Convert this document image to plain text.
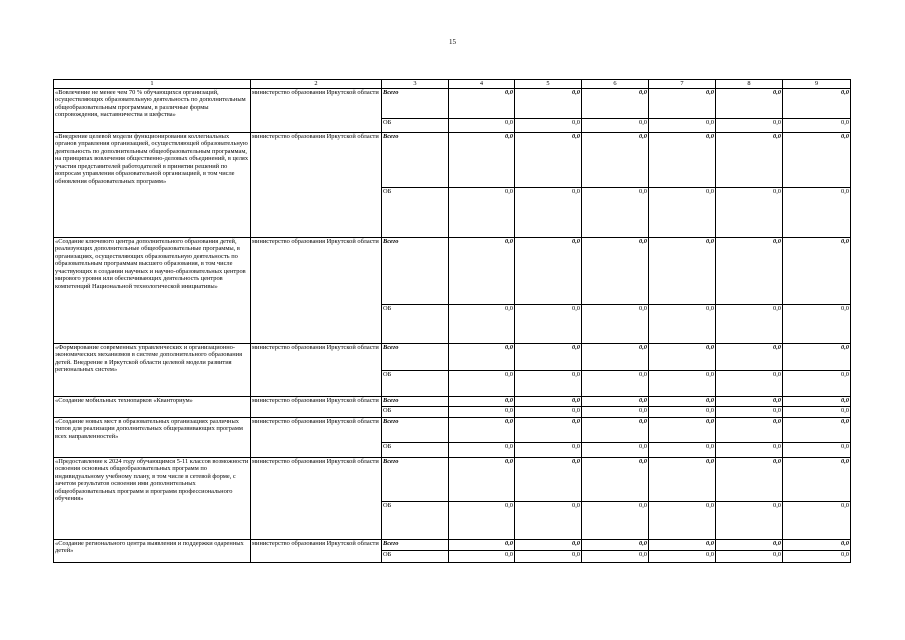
15
1	2	3	4	5	6	7	8	9
«Вовлечение не менее чем 70 % обучающихся организаций, осуществляющих образовательную деятельность по дополнительным общеобразовательным программам, в различные формы сопровождения, наставничества и шефства»	министерство образования Иркутской области	Всего	0,0	0,0	0,0	0,0	0,0	0,0
		ОБ	0,0	0,0	0,0	0,0	0,0	0,0
«Внедрение целевой модели функционирования коллегиальных органов управления организацией, осуществляющей образовательную деятельность по дополнительным общеобразовательным программам, на принципах вовлечения общественно-деловых объединений, в целях участия представителей работодателей в принятии решений по вопросам управления образовательной организацией, в том числе обновления образовательных программ»	министерство образования Иркутской области	Всего	0,0	0,0	0,0	0,0	0,0	0,0
		ОБ	0,0	0,0	0,0	0,0	0,0	0,0
«Создание ключевого центра дополнительного образования детей, реализующих дополнительные общеобразовательные программы, в организациях, осуществляющих образовательную деятельность по образовательным программам высшего образования, в том числе участвующих в создании научных и научно-образовательных центров мирового уровня или обеспечивающих деятельность центров компетенций Национальной технологической инициативы»	министерство образования Иркутской области	Всего	0,0	0,0	0,0	0,0	0,0	0,0
		ОБ	0,0	0,0	0,0	0,0	0,0	0,0
«Формирование современных управленческих и организационно-экономических механизмов в системе дополнительного образования детей. Внедрение в Иркутской области целевой модели развития региональных систем»	министерство образования Иркутской области	Всего	0,0	0,0	0,0	0,0	0,0	0,0
		ОБ	0,0	0,0	0,0	0,0	0,0	0,0
«Создание мобильных технопарков «Кванториум»	министерство образования Иркутской области	Всего	0,0	0,0	0,0	0,0	0,0	0,0
		ОБ	0,0	0,0	0,0	0,0	0,0	0,0
«Создание новых мест в образовательных организациях различных типов для реализации дополнительных общеразвивающих программ всех направленностей»	министерство образования Иркутской области	Всего	0,0	0,0	0,0	0,0	0,0	0,0
		ОБ	0,0	0,0	0,0	0,0	0,0	0,0
«Предоставление к 2024 году обучающимся 5-11 классов возможности освоения основных общеобразовательных программ по индивидуальному учебному плану, в том числе в сетевой форме, с зачетом результатов освоения ими дополнительных общеобразовательных программ и программ профессионального обучения»	министерство образования Иркутской области	Всего	0,0	0,0	0,0	0,0	0,0	0,0
		ОБ	0,0	0,0	0,0	0,0	0,0	0,0
«Создание регионального центра выявления и поддержки одаренных детей»	министерство образования Иркутской области	Всего	0,0	0,0	0,0	0,0	0,0	0,0
		ОБ	0,0	0,0	0,0	0,0	0,0	0,0
